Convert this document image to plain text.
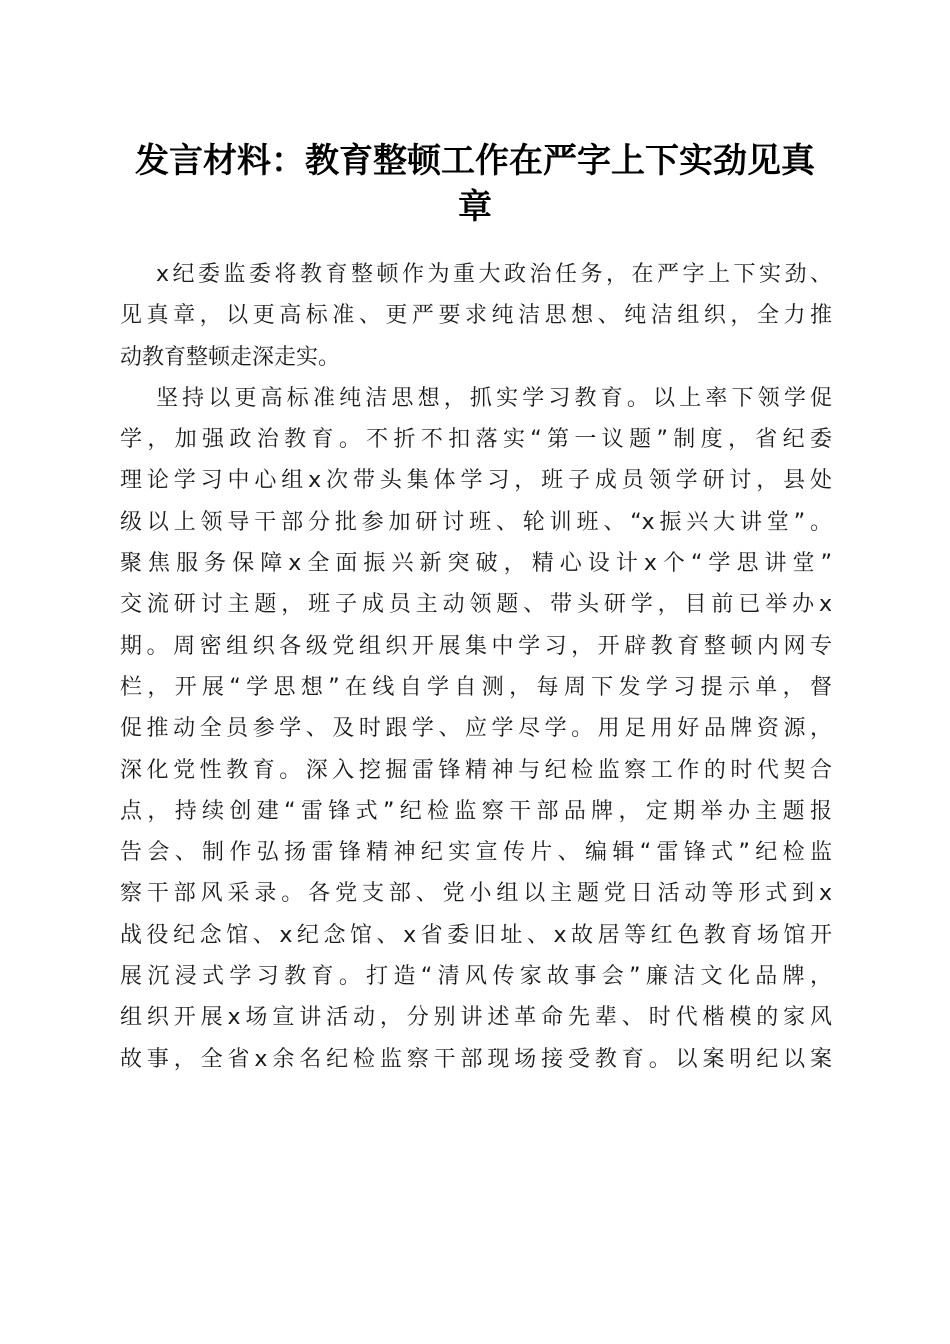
发言材料：教育整顿工作在严字上下实劲见真
章
x纪委监委将教育整顿作为重大政治任务，在严字上下实劲、
见真章，以更高标准、更严要求纯洁思想、纯洁组织，全力推
动教育整顿走深走实。
坚持以更高标准纯洁思想，抓实学习教育。以上率下领学促
学，加强政治教育。不折不扣落实“第一议题”制度，省纪委
理论学习中心组x次带头集体学习，班子成员领学研讨，县处
级以上领导干部分批参加研讨班、轮训班、“x振兴大讲堂”。
聚焦服务保障x全面振兴新突破，精心设计x个“学思讲堂”
交流研讨主题，班子成员主动领题、带头研学，目前已举办x
期。周密组织各级党组织开展集中学习，开辟教育整顿内网专
栏，开展“学思想”在线自学自测，每周下发学习提示单，督
促推动全员参学、及时跟学、应学尽学。用足用好品牌资源，
深化党性教育。深入挖掘雷锋精神与纪检监察工作的时代契合
点，持续创建“雷锋式”纪检监察干部品牌，定期举办主题报
告会、制作弘扬雷锋精神纪实宣传片、编辑“雷锋式”纪检监
察干部风采录。各党支部、党小组以主题党日活动等形式到x
战役纪念馆、x纪念馆、x省委旧址、x故居等红色教育场馆开
展沉浸式学习教育。打造“清风传家故事会”廉洁文化品牌，
组织开展x场宣讲活动，分别讲述革命先辈、时代楷模的家风
故事，全省x余名纪检监察干部现场接受教育。以案明纪以案
